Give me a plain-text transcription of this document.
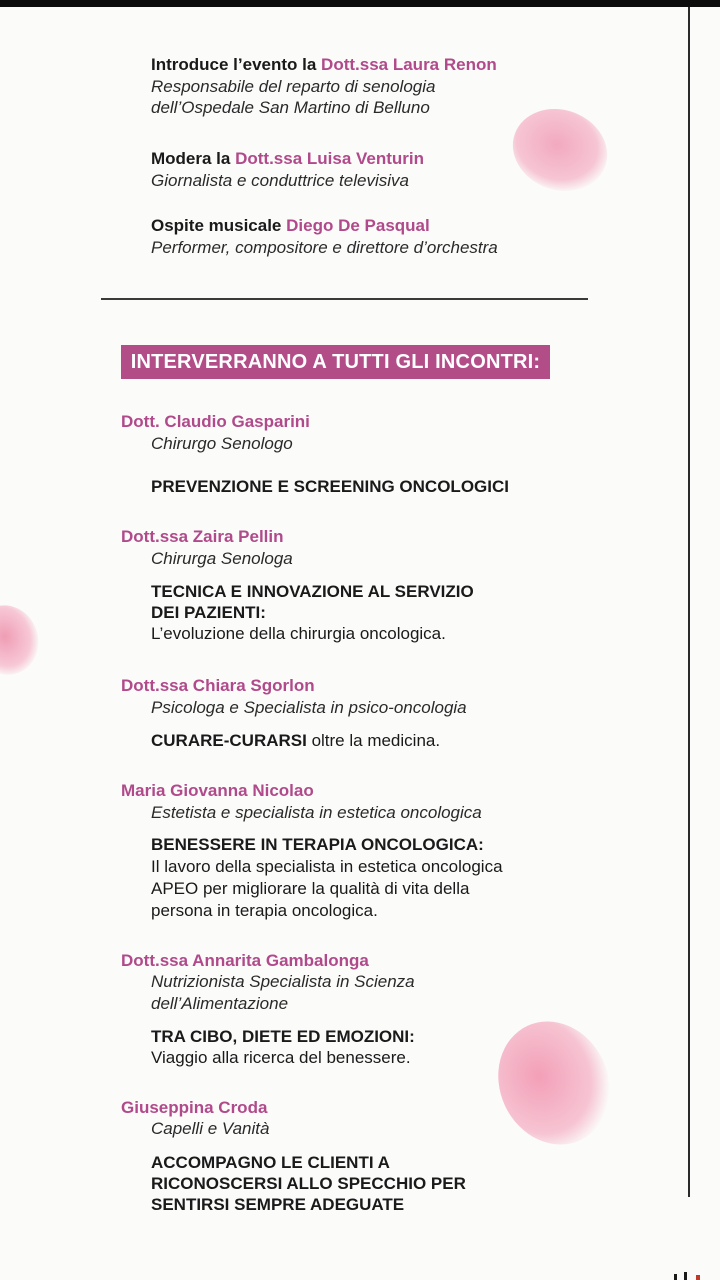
Introduce l’evento la Dott.ssa Laura Renon
Responsabile del reparto di senologia
dell’Ospedale San Martino di Belluno
Modera la Dott.ssa Luisa Venturin
Giornalista e conduttrice televisiva
Ospite musicale Diego De Pasqual
Performer, compositore e direttore d’orchestra
INTERVERRANNO A TUTTI GLI INCONTRI:
Dott. Claudio Gasparini
Chirurgo Senologo
PREVENZIONE E SCREENING ONCOLOGICI
Dott.ssa Zaira Pellin
Chirurga Senologa
TECNICA E INNOVAZIONE AL SERVIZIO
DEI PAZIENTI:
L’evoluzione della chirurgia oncologica.
Dott.ssa Chiara Sgorlon
Psicologa e Specialista in psico-oncologia
CURARE-CURARSI oltre la medicina.
Maria Giovanna Nicolao
Estetista e specialista in estetica oncologica
BENESSERE IN TERAPIA ONCOLOGICA:
Il lavoro della specialista in estetica oncologica
APEO per migliorare la qualità di vita della
persona in terapia oncologica.
Dott.ssa Annarita Gambalonga
Nutrizionista Specialista in Scienza
dell’Alimentazione
TRA CIBO, DIETE ED EMOZIONI:
Viaggio alla ricerca del benessere.
Giuseppina Croda
Capelli e Vanità
ACCOMPAGNO LE CLIENTI A
RICONOSCERSI ALLO SPECCHIO PER
SENTIRSI SEMPRE ADEGUATE
